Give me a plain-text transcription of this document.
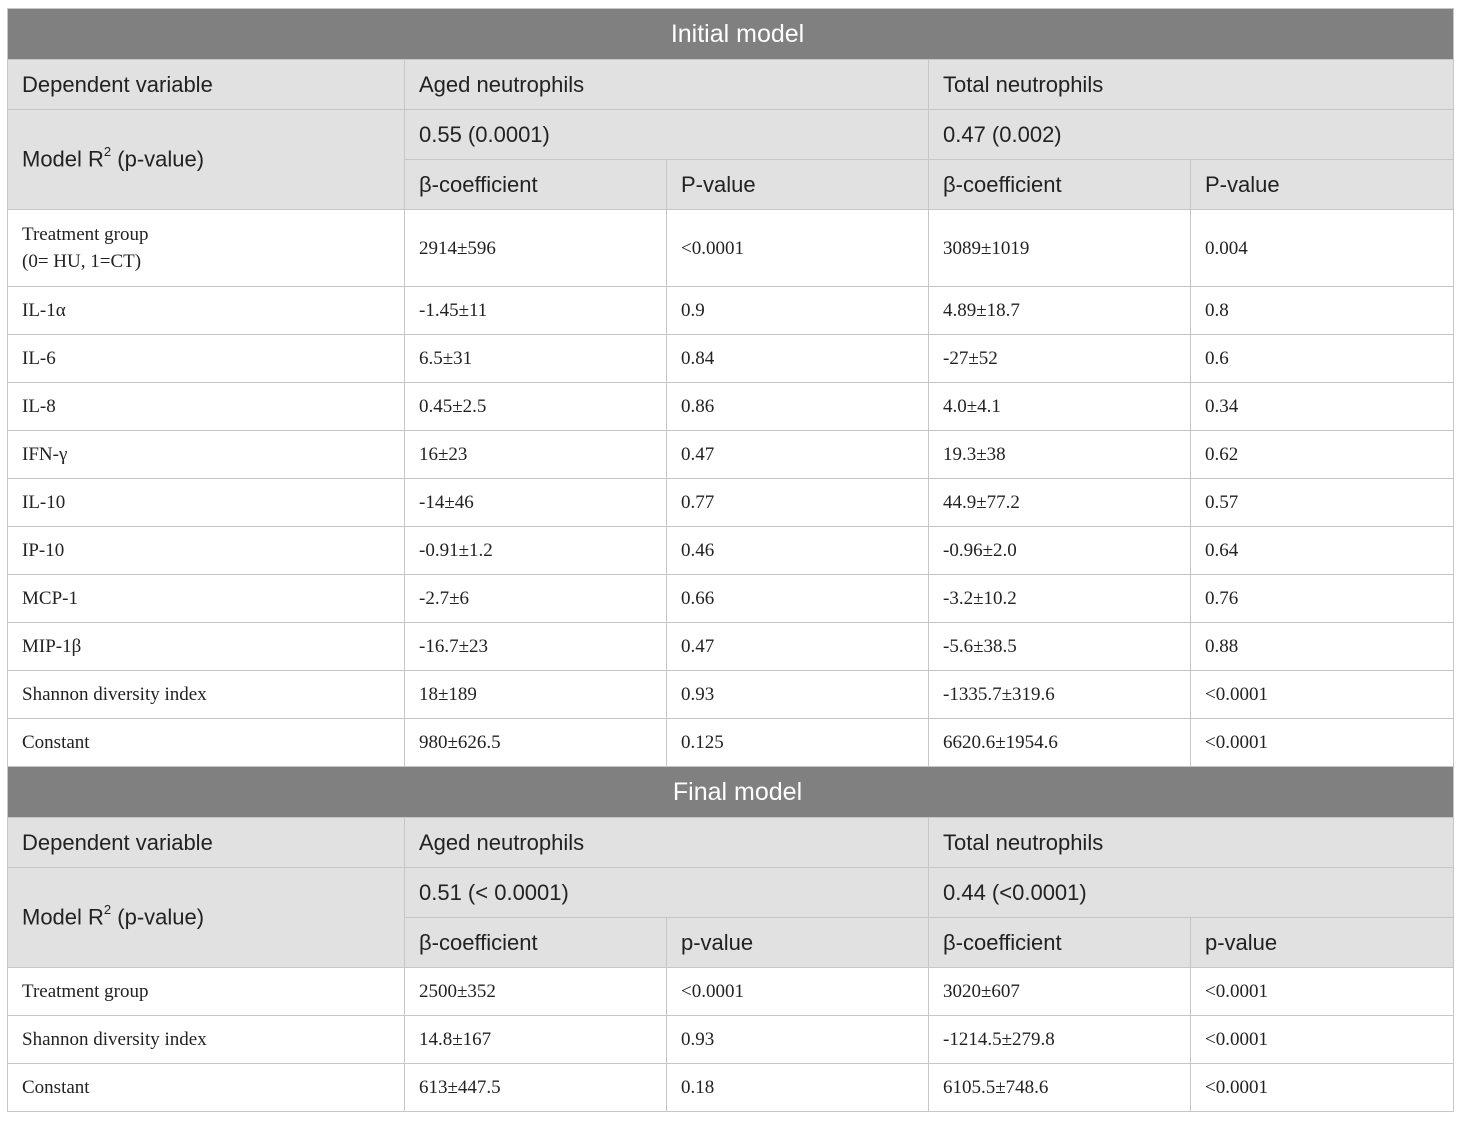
Initial model				
Dependent variable	Aged neutrophils		Total neutrophils	
Model $R^2$ (p-value)	0.55 (0.0001)		0.47 (0.002)	
	β-coefficient	P-value	β-coefficient	P-value

Treatment group
(0= HU, 1=CT)	2914±596	<0.0001	3089±1019	0.004

IL-1α	-1.45±11	0.9	4.89±18.7	0.8

IL-6	6.5±31	0.84	-27±52	0.6

IL-8	0.45±2.5	0.86	4.0±4.1	0.34

IFN-γ	16±23	0.47	19.3±38	0.62

IL-10	-14±46	0.77	44.9±77.2	0.57

IP-10	-0.91±1.2	0.46	-0.96±2.0	0.64

MCP-1	-2.7±6	0.66	-3.2±10.2	0.76

MIP-1β	-16.7±23	0.47	-5.6±38.5	0.88

Shannon diversity index	18±189	0.93	-1335.7±319.6	<0.0001

Constant	980±626.5	0.125	6620.6±1954.6	<0.0001
Final model				
Dependent variable	Aged neutrophils		Total neutrophils	
Model $R^2$ (p-value)	0.51 (< 0.0001)		0.44 (<0.0001)	
	β-coefficient	p-value	β-coefficient	p-value

Treatment group	2500±352	<0.0001	3020±607	<0.0001

Shannon diversity index	14.8±167	0.93	-1214.5±279.8	<0.0001

Constant	613±447.5	0.18	6105.5±748.6	<0.0001
